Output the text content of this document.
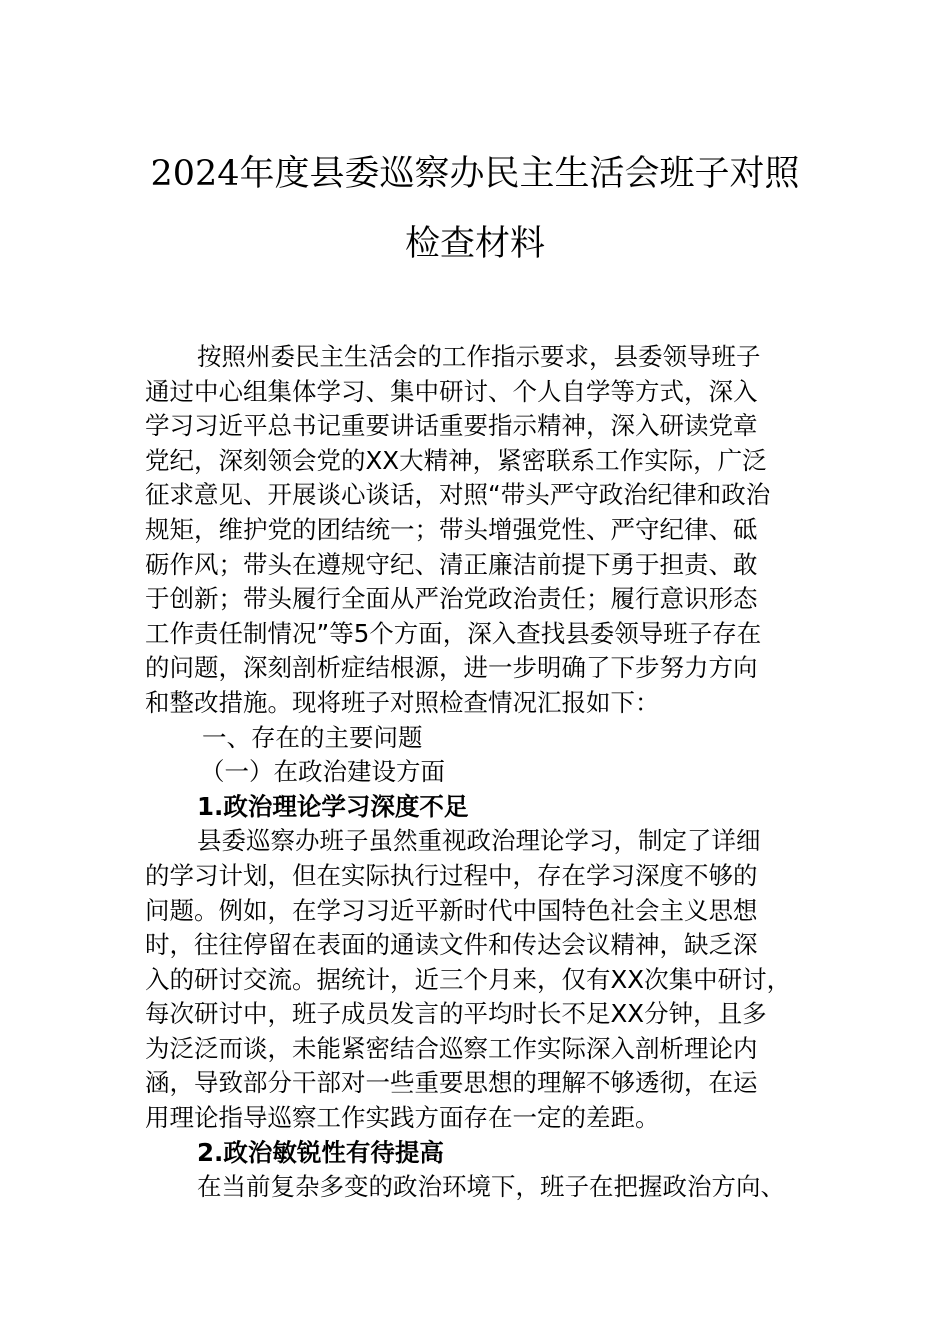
2024年度县委巡察办民主生活会班子对照
检查材料
按照州委民主生活会的工作指示要求，县委领导班子
通过中心组集体学习、集中研讨、个人自学等方式，深入
学习习近平总书记重要讲话重要指示精神，深入研读党章
党纪，深刻领会党的XX大精神，紧密联系工作实际，广泛
征求意见、开展谈心谈话，对照“带头严守政治纪律和政治
规矩，维护党的团结统一；带头增强党性、严守纪律、砥
砺作风；带头在遵规守纪、清正廉洁前提下勇于担责、敢
于创新；带头履行全面从严治党政治责任；履行意识形态
工作责任制情况”等5个方面，深入查找县委领导班子存在
的问题，深刻剖析症结根源，进一步明确了下步努力方向
和整改措施。现将班子对照检查情况汇报如下：
一、存在的主要问题
（一）在政治建设方面
1.政治理论学习深度不足
县委巡察办班子虽然重视政治理论学习，制定了详细
的学习计划，但在实际执行过程中，存在学习深度不够的
问题。例如，在学习习近平新时代中国特色社会主义思想
时，往往停留在表面的通读文件和传达会议精神，缺乏深
入的研讨交流。据统计，近三个月来，仅有XX次集中研讨，
每次研讨中，班子成员发言的平均时长不足XX分钟，且多
为泛泛而谈，未能紧密结合巡察工作实际深入剖析理论内
涵，导致部分干部对一些重要思想的理解不够透彻，在运
用理论指导巡察工作实践方面存在一定的差距。
2.政治敏锐性有待提高
在当前复杂多变的政治环境下，班子在把握政治方向、
